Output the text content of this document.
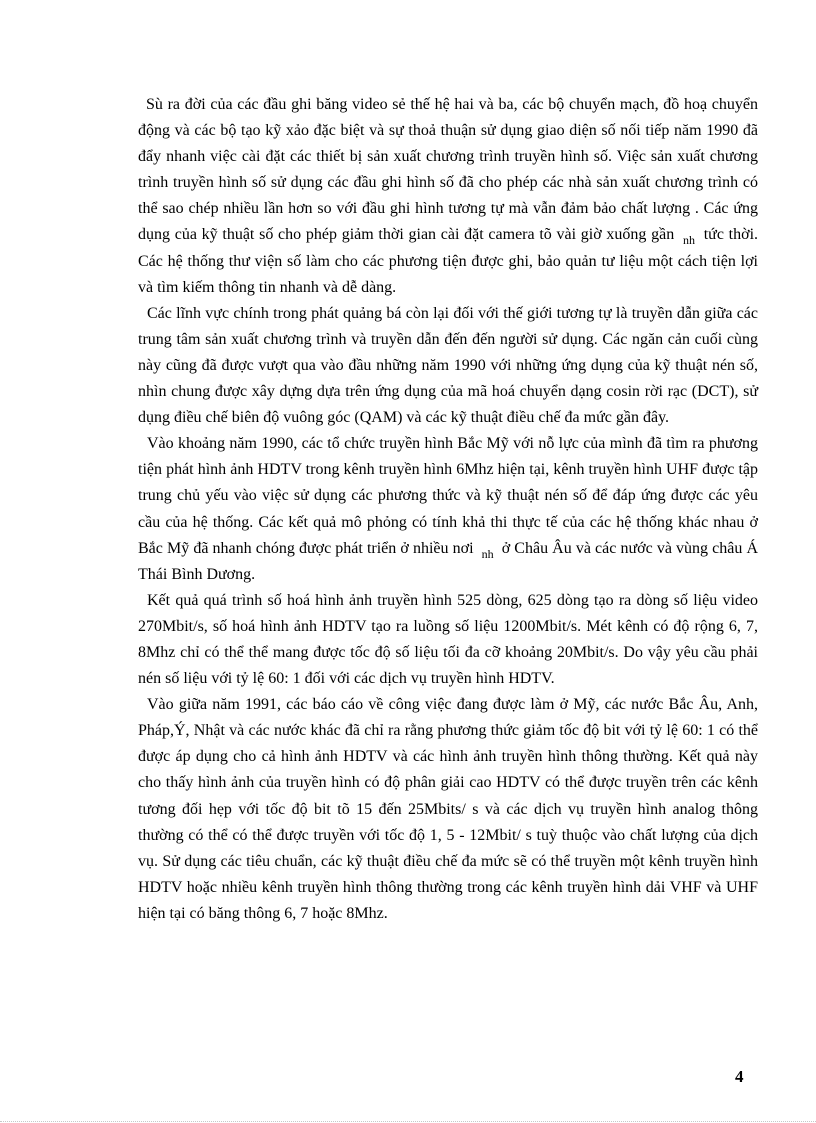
Sù ra đời của các đầu ghi băng video sẻ thế hệ hai và ba, các bộ chuyển mạch, đồ hoạ chuyển động và các bộ tạo kỹ xảo đặc biệt và sự thoả thuận sử dụng giao diện số nối tiếp năm 1990 đã đẩy nhanh việc cài đặt các thiết bị sản xuất chương trình truyền hình số. Việc sản xuất chương trình truyền hình số sử dụng các đầu ghi hình số đã cho phép các nhà sản xuất chương trình có thể sao chép nhiều lần hơn so với đầu ghi hình tương tự mà vẫn đảm bảo chất lượng . Các ứng dụng của kỹ thuật số cho phép giảm thời gian cài đặt camera tõ vài giờ xuống gần $_{nh}$ tức thời. Các hệ thống thư viện số làm cho các phương tiện được ghi, bảo quản tư liệu một cách tiện lợi và tìm kiếm thông tin nhanh và dễ dàng.

Các lĩnh vực chính trong phát quảng bá còn lại đối với thế giới tương tự là truyền dẫn giữa các trung tâm sản xuất chương trình và truyền dẫn đến đến người sử dụng. Các ngăn cản cuối cùng này cũng đã được vượt qua vào đầu những năm 1990 với những ứng dụng của kỹ thuật nén số, nhìn chung được xây dựng dựa trên ứng dụng của mã hoá chuyển dạng cosin rời rạc (DCT), sử dụng điều chế biên độ vuông góc (QAM) và các kỹ thuật điều chế đa mức gần đây.

Vào khoảng năm 1990, các tổ chức truyền hình Bắc Mỹ với nỗ lực của mình đã tìm ra phương tiện phát hình ảnh HDTV trong kênh truyền hình 6Mhz hiện tại, kênh truyền hình UHF được tập trung chủ yếu vào việc sử dụng các phương thức và kỹ thuật nén số để đáp ứng được các yêu cầu của hệ thống. Các kết quả mô phỏng có tính khả thi thực tế của các hệ thống khác nhau ở Bắc Mỹ đã nhanh chóng được phát triển ở nhiều nơi $_{nh}$ ở Châu Âu và các nước và vùng châu Á Thái Bình Dương.

Kết quả quá trình số hoá hình ảnh truyền hình 525 dòng, 625 dòng tạo ra dòng số liệu video 270Mbit/s, số hoá hình ảnh HDTV tạo ra luồng số liệu 1200Mbit/s. Mét kênh có độ rộng 6, 7, 8Mhz chỉ có thể thể mang được tốc độ số liệu tối đa cỡ khoảng 20Mbit/s. Do vậy yêu cầu phải nén số liệu với tỷ lệ 60: 1 đối với các dịch vụ truyền hình HDTV.

Vào giữa năm 1991, các báo cáo về công việc đang được làm ở Mỹ, các nước Bắc Âu, Anh, Pháp,Ý, Nhật và các nước khác đã chỉ ra rằng phương thức giảm tốc độ bit với tỷ lệ 60: 1 có thể được áp dụng cho cả hình ảnh HDTV và các hình ảnh truyền hình thông thường. Kết quả này cho thấy hình ảnh của truyền hình có độ phân giải cao HDTV có thể được truyền trên các kênh tương đối hẹp với tốc độ bit tõ 15 đến 25Mbits/ s và các dịch vụ truyền hình analog thông thường có thể có thể được truyền với tốc độ 1, 5 - 12Mbit/ s tuỳ thuộc vào chất lượng của dịch vụ. Sử dụng các tiêu chuẩn, các kỹ thuật điều chế đa mức sẽ có thể truyền một kênh truyền hình HDTV hoặc nhiều kênh truyền hình thông thường trong các kênh truyền hình dải VHF và UHF hiện tại có băng thông 6, 7 hoặc 8Mhz.

4
